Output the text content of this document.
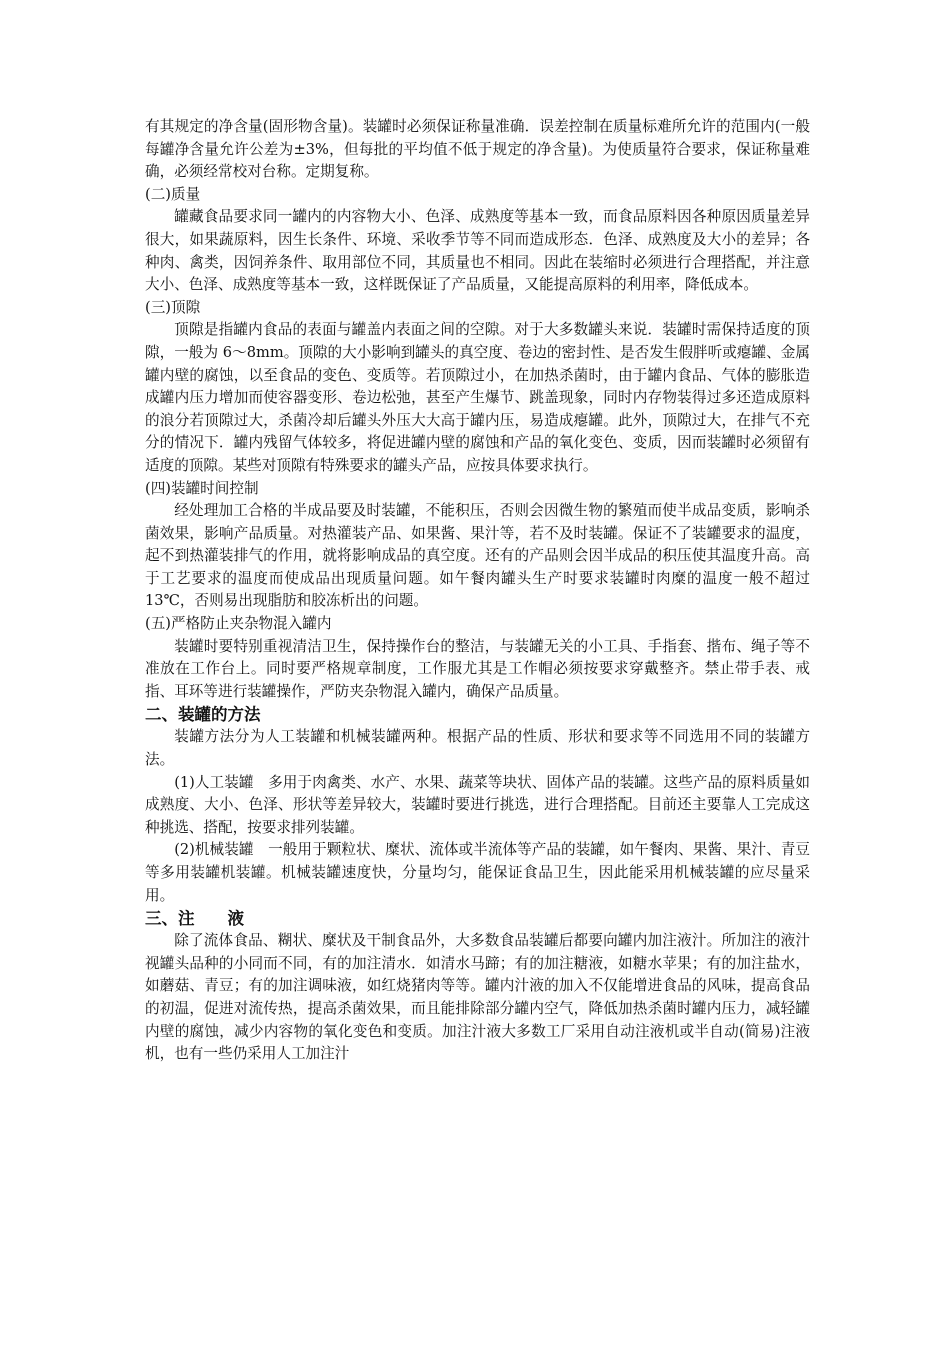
有其规定的净含量(固形物含量)。装罐时必须保证称量准确．误差控制在质量标难所允许的范围内(一般每罐净含量允许公差为±3%，但每批的平均值不低于规定的净含量)。为使质量符合要求，保证称量难确，必须经常校对台称。定期复称。

(二)质量

罐藏食品要求同一罐内的内容物大小、色泽、成熟度等基本一致，而食品原料因各种原因质量差异很大，如果蔬原料，因生长条件、环境、采收季节等不同而造成形态．色泽、成熟度及大小的差异；各种肉、禽类，因饲养条件、取用部位不同，其质量也不相同。因此在装缩时必须进行合理搭配，并注意大小、色泽、成熟度等基本一致，这样既保证了产品质量，又能提高原料的利用率，降低成本。

(三)顶隙

顶隙是指罐内食品的表面与罐盖内表面之间的空隙。对于大多数罐头来说．装罐时需保持适度的顶隙，一般为 6～8mm。顶隙的大小影响到罐头的真空度、卷边的密封性、是否发生假胖听或瘪罐、金属罐内壁的腐蚀，以至食品的变色、变质等。若顶隙过小，在加热杀菌时，由于罐内食品、气体的膨胀造成罐内压力增加而使容器变形、卷边松弛，甚至产生爆节、跳盖现象，同时内存物装得过多还造成原料的浪分若顶隙过大，杀菌冷却后罐头外压大大高于罐内压，易造成瘪罐。此外，顶隙过大，在排气不充分的情况下．罐内残留气体较多，将促进罐内壁的腐蚀和产品的氧化变色、变质，因而装罐时必须留有适度的顶隙。某些对顶隙有特殊要求的罐头产品，应按具体要求执行。

(四)装罐时间控制

经处理加工合格的半成品要及时装罐，不能积压，否则会因微生物的繁殖而使半成品变质，影响杀菌效果，影响产品质量。对热灌装产品、如果酱、果汁等，若不及时装罐。保证不了装罐要求的温度，起不到热灌装排气的作用，就将影响成品的真空度。还有的产品则会因半成品的积压使其温度升高。高于工艺要求的温度而使成品出现质量问题。如午餐肉罐头生产时要求装罐时肉糜的温度一般不超过 13℃，否则易出现脂肪和胶冻析出的问题。

(五)严格防止夹杂物混入罐内

装罐时要特别重视清洁卫生，保持操作台的整洁，与装罐无关的小工具、手指套、揩布、绳子等不准放在工作台上。同时要严格规章制度，工作服尤其是工作帽必须按要求穿戴整齐。禁止带手表、戒指、耳环等进行装罐操作，严防夹杂物混入罐内，确保产品质量。

二、装罐的方法

装罐方法分为人工装罐和机械装罐两种。根据产品的性质、形状和要求等不同选用不同的装罐方法。

(1)人工装罐　多用于肉禽类、水产、水果、蔬菜等块状、固体产品的装罐。这些产品的原料质量如成熟度、大小、色泽、形状等差异较大，装罐时要进行挑选，进行合理搭配。目前还主要靠人工完成这种挑选、搭配，按要求排列装罐。

(2)机械装罐　一般用于颗粒状、糜状、流体或半流体等产品的装罐，如午餐肉、果酱、果汁、青豆等多用装罐机装罐。机械装罐速度快，分量均匀，能保证食品卫生，因此能采用机械装罐的应尽量采用。

三、注　　液

除了流体食品、糊状、糜状及干制食品外，大多数食品装罐后都要向罐内加注液汁。所加注的液汁视罐头品种的小同而不同，有的加注清水．如清水马蹄；有的加注糖液，如糖水苹果；有的加注盐水，如蘑菇、青豆；有的加注调味液，如红烧猪肉等等。罐内汁液的加入不仅能增进食品的风味，提高食品的初温，促进对流传热，提高杀菌效果，而且能排除部分罐内空气，降低加热杀菌时罐内压力，减轻罐内壁的腐蚀，减少内容物的氧化变色和变质。加注汁液大多数工厂采用自动注液机或半自动(简易)注液机，也有一些仍采用人工加注汁
